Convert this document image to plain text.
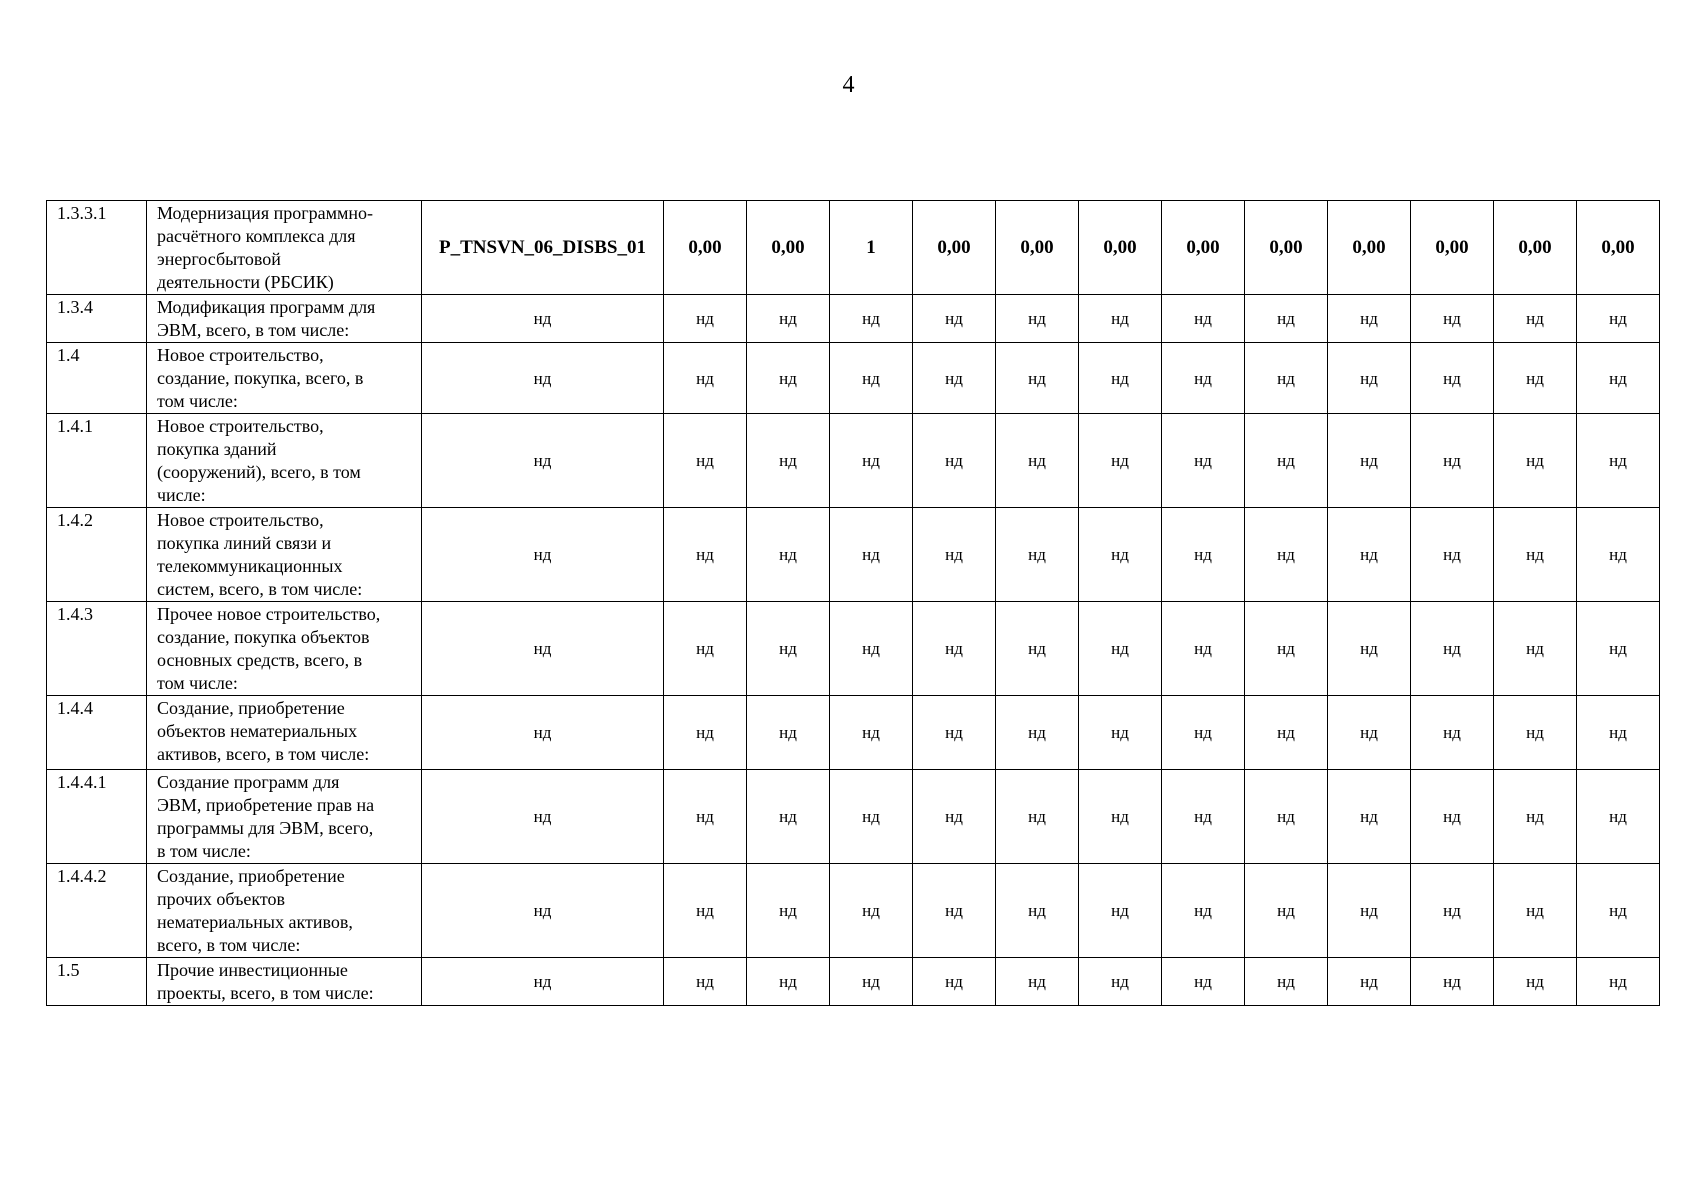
4
1.3.3.1	Модернизация программно-
расчётного комплекса для
энергосбытовой
деятельности (РБСИК)	P_TNSVN_06_DISBS_01	0,00	0,00	1	0,00	0,00	0,00	0,00	0,00	0,00	0,00	0,00	0,00
1.3.4	Модификация программ для
ЭВМ, всего, в том числе:	нд	нд	нд	нд	нд	нд	нд	нд	нд	нд	нд	нд	нд
1.4	Новое строительство,
создание, покупка, всего, в
том числе:	нд	нд	нд	нд	нд	нд	нд	нд	нд	нд	нд	нд	нд
1.4.1	Новое строительство,
покупка зданий
(сооружений), всего, в том
числе:	нд	нд	нд	нд	нд	нд	нд	нд	нд	нд	нд	нд	нд
1.4.2	Новое строительство,
покупка линий связи и
телекоммуникационных
систем, всего, в том числе:	нд	нд	нд	нд	нд	нд	нд	нд	нд	нд	нд	нд	нд
1.4.3	Прочее новое строительство,
создание, покупка объектов
основных средств, всего, в
том числе:	нд	нд	нд	нд	нд	нд	нд	нд	нд	нд	нд	нд	нд
1.4.4	Создание, приобретение
объектов нематериальных
активов, всего, в том числе:	нд	нд	нд	нд	нд	нд	нд	нд	нд	нд	нд	нд	нд
1.4.4.1	Создание программ для
ЭВМ, приобретение прав на
программы для ЭВМ, всего,
в том числе:	нд	нд	нд	нд	нд	нд	нд	нд	нд	нд	нд	нд	нд
1.4.4.2	Создание, приобретение
прочих объектов
нематериальных активов,
всего, в том числе:	нд	нд	нд	нд	нд	нд	нд	нд	нд	нд	нд	нд	нд
1.5	Прочие инвестиционные
проекты, всего, в том числе:	нд	нд	нд	нд	нд	нд	нд	нд	нд	нд	нд	нд	нд
